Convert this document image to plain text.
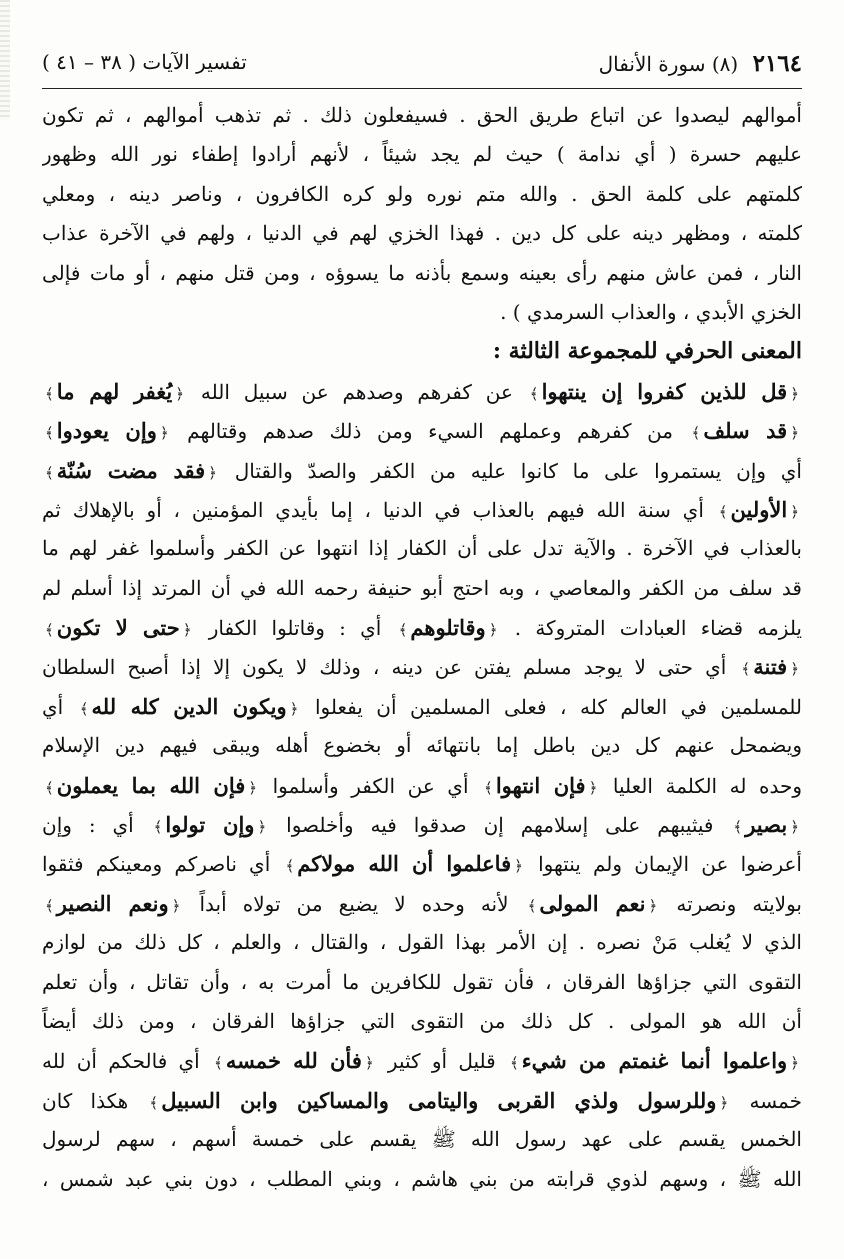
٢١٦٤ (٨) سورة الأنفال
تفسير الآيات ( ٣٨ – ٤١ )
أموالهم ليصدوا عن اتباع طريق الحق . فسيفعلون ذلك . ثم تذهب أموالهم ، ثم تكون
عليهم حسرة ( أي ندامة ) حيث لم يجد شيئاً ، لأنهم أرادوا إطفاء نور الله وظهور
كلمتهم على كلمة الحق . والله متم نوره ولو كره الكافرون ، وناصر دينه ، ومعلي
كلمته ، ومظهر دينه على كل دين . فهذا الخزي لهم في الدنيا ، ولهم في الآخرة عذاب
النار ، فمن عاش منهم رأى بعينه وسمع بأذنه ما يسوؤه ، ومن قتل منهم ، أو مات فإلى
الخزي الأبدي ، والعذاب السرمدي ) .
المعنى الحرفي للمجموعة الثالثة :
﴿قل للذين كفروا إن ينتهوا﴾ عن كفرهم وصدهم عن سبيل الله ﴿يُغفر لهم ما﴾
﴿قد سلف﴾ من كفرهم وعملهم السيء ومن ذلك صدهم وقتالهم ﴿وإن يعودوا﴾
أي وإن يستمروا على ما كانوا عليه من الكفر والصدّ والقتال ﴿فقد مضت سُنّة﴾
﴿الأولين﴾ أي سنة الله فيهم بالعذاب في الدنيا ، إما بأيدي المؤمنين ، أو بالإهلاك ثم
بالعذاب في الآخرة . والآية تدل على أن الكفار إذا انتهوا عن الكفر وأسلموا غفر لهم ما
قد سلف من الكفر والمعاصي ، وبه احتج أبو حنيفة رحمه الله في أن المرتد إذا أسلم لم
يلزمه قضاء العبادات المتروكة . ﴿وقاتلوهم﴾ أي : وقاتلوا الكفار ﴿حتى لا تكون﴾
﴿فتنة﴾ أي حتى لا يوجد مسلم يفتن عن دينه ، وذلك لا يكون إلا إذا أصبح السلطان
للمسلمين في العالم كله ، فعلى المسلمين أن يفعلوا ﴿ويكون الدين كله لله﴾ أي
ويضمحل عنهم كل دين باطل إما بانتهائه أو بخضوع أهله ويبقى فيهم دين الإسلام
وحده له الكلمة العليا ﴿فإن انتهوا﴾ أي عن الكفر وأسلموا ﴿فإن الله بما يعملون﴾
﴿بصير﴾ فيثيبهم على إسلامهم إن صدقوا فيه وأخلصوا ﴿وإن تولوا﴾ أي : وإن
أعرضوا عن الإيمان ولم ينتهوا ﴿فاعلموا أن الله مولاكم﴾ أي ناصركم ومعينكم فثقوا
بولايته ونصرته ﴿نعم المولى﴾ لأنه وحده لا يضيع من تولاه أبداً ﴿ونعم النصير﴾
الذي لا يُغلب مَنْ نصره . إن الأمر بهذا القول ، والقتال ، والعلم ، كل ذلك من لوازم
التقوى التي جزاؤها الفرقان ، فأن تقول للكافرين ما أمرت به ، وأن تقاتل ، وأن تعلم
أن الله هو المولى . كل ذلك من التقوى التي جزاؤها الفرقان ، ومن ذلك أيضاً
﴿واعلموا أنما غنمتم من شيء﴾ قليل أو كثير ﴿فأن لله خمسه﴾ أي فالحكم أن لله
خمسه ﴿وللرسول ولذي القربى واليتامى والمساكين وابن السبيل﴾ هكذا كان
الخمس يقسم على عهد رسول الله ﷺ يقسم على خمسة أسهم ، سهم لرسول
الله ﷺ ، وسهم لذوي قرابته من بني هاشم ، وبني المطلب ، دون بني عبد شمس ،
